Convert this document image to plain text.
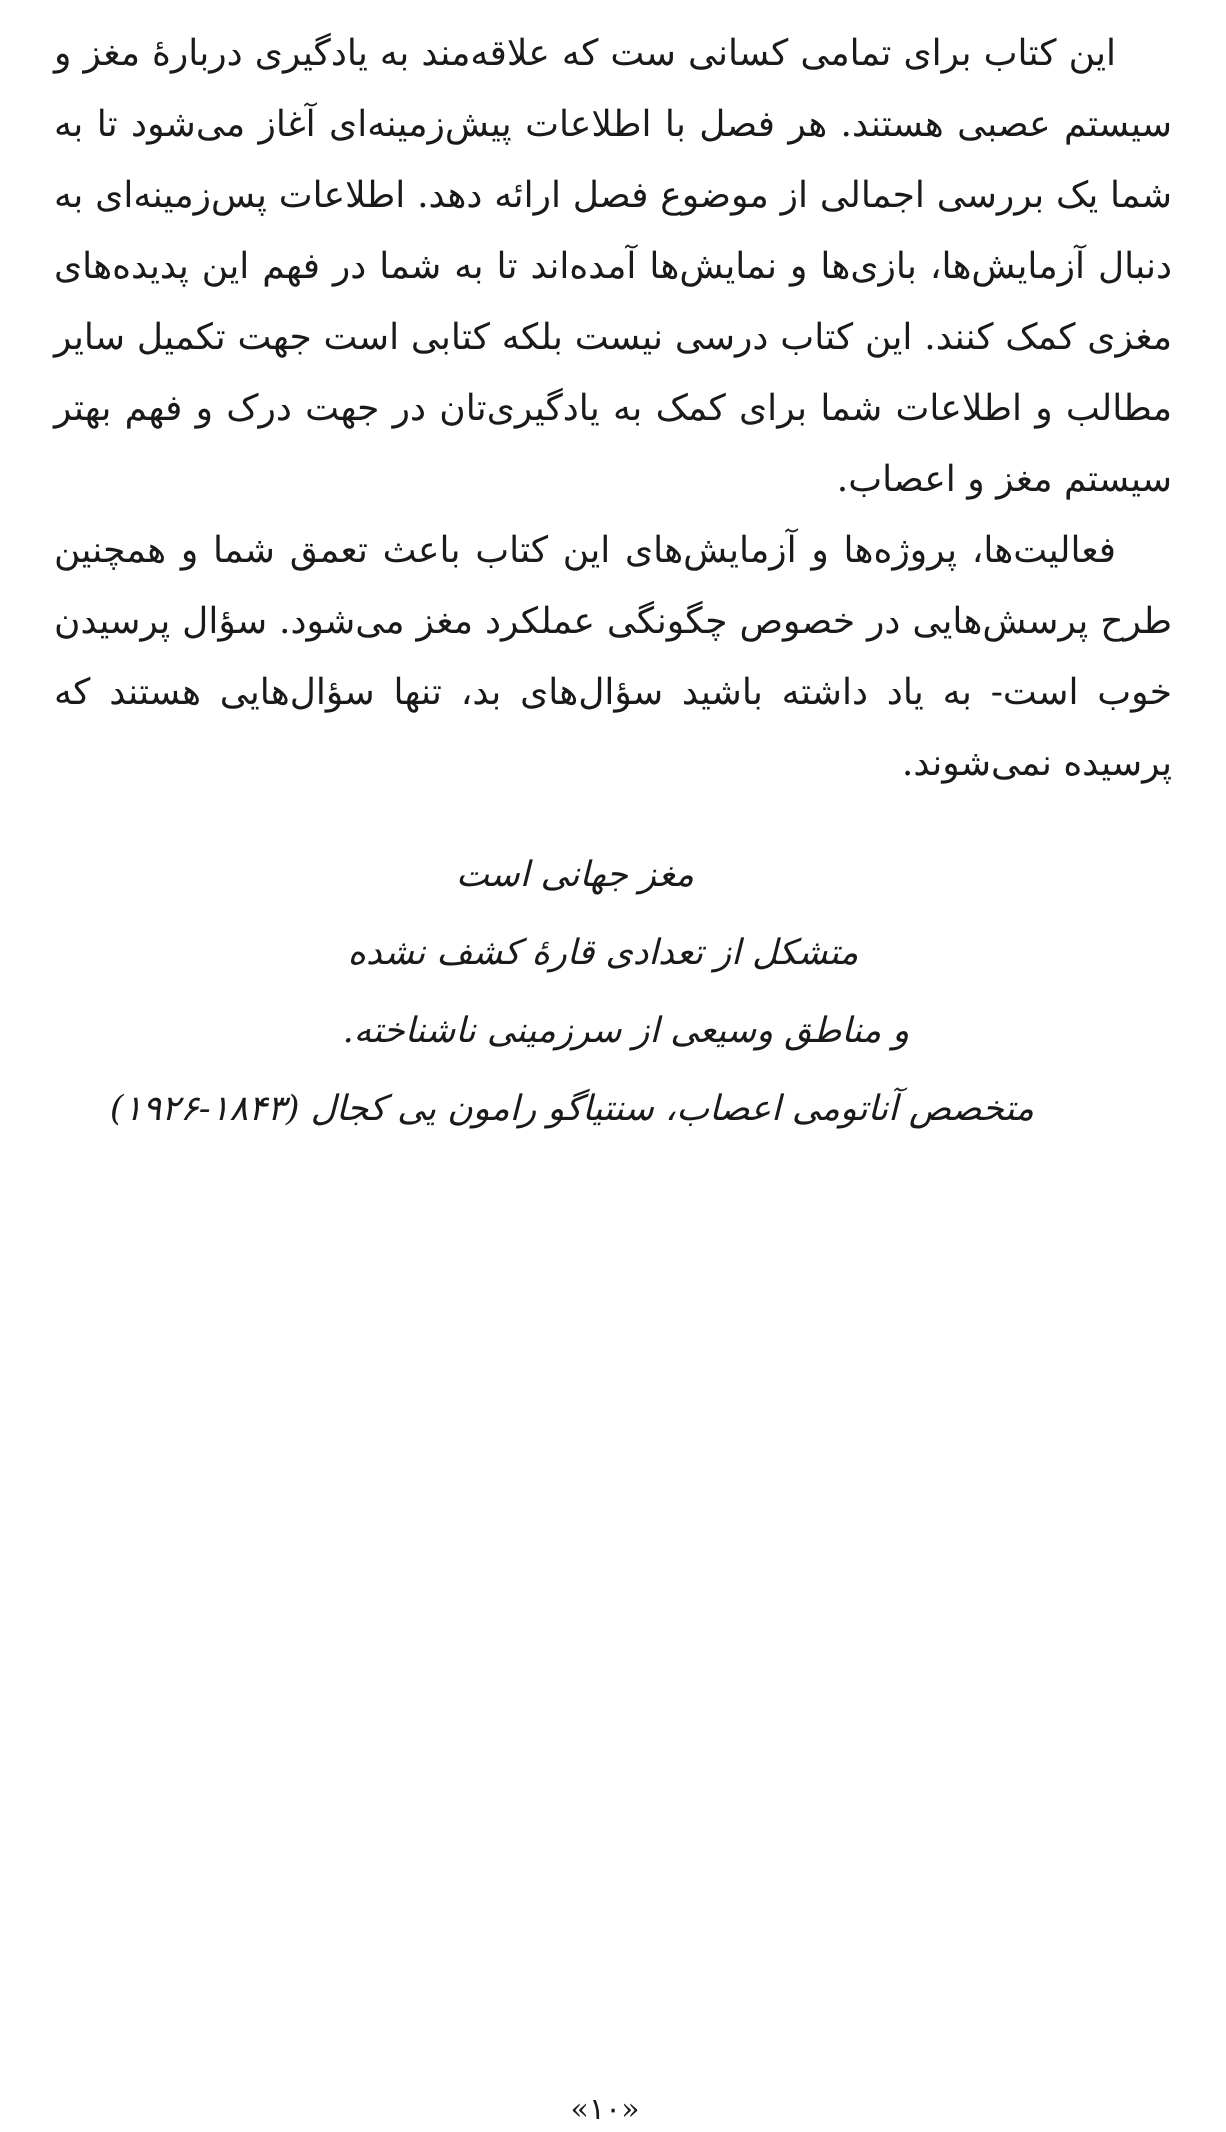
این کتاب برای تمامی کسانی ست که علاقه‌مند به یادگیری دربارهٔ مغز و سیستم عصبی هستند. هر فصل با اطلاعات پیش‌زمینه‌ای آغاز می‌شود تا به شما یک بررسی اجمالی از موضوع فصل ارائه دهد. اطلاعات پس‌زمینه‌ای به دنبال آزمایش‌ها، بازی‌ها و نمایش‌ها آمده‌اند تا به شما در فهم این پدیده‌های مغزی کمک کنند. این کتاب درسی نیست بلکه کتابی است جهت تکمیل سایر مطالب و اطلاعات شما برای کمک به یادگیری‌تان در جهت درک و فهم بهتر سیستم مغز و اعصاب.

فعالیت‌ها، پروژه‌ها و آزمایش‌های این کتاب باعث تعمق شما و همچنین طرح پرسش‌هایی در خصوص چگونگی عملکرد مغز می‌شود. سؤال پرسیدن خوب است- به یاد داشته باشید سؤال‌های بد، تنها سؤال‌هایی هستند که پرسیده نمی‌شوند.

مغز جهانی است
متشکل از تعدادی قارهٔ کشف نشده
و مناطق وسیعی از سرزمینی ناشناخته.
متخصص آناتومی اعصاب، سنتیاگو رامون یی کجال (۱۸۴۳-۱۹۲۶)
«۱۰»
